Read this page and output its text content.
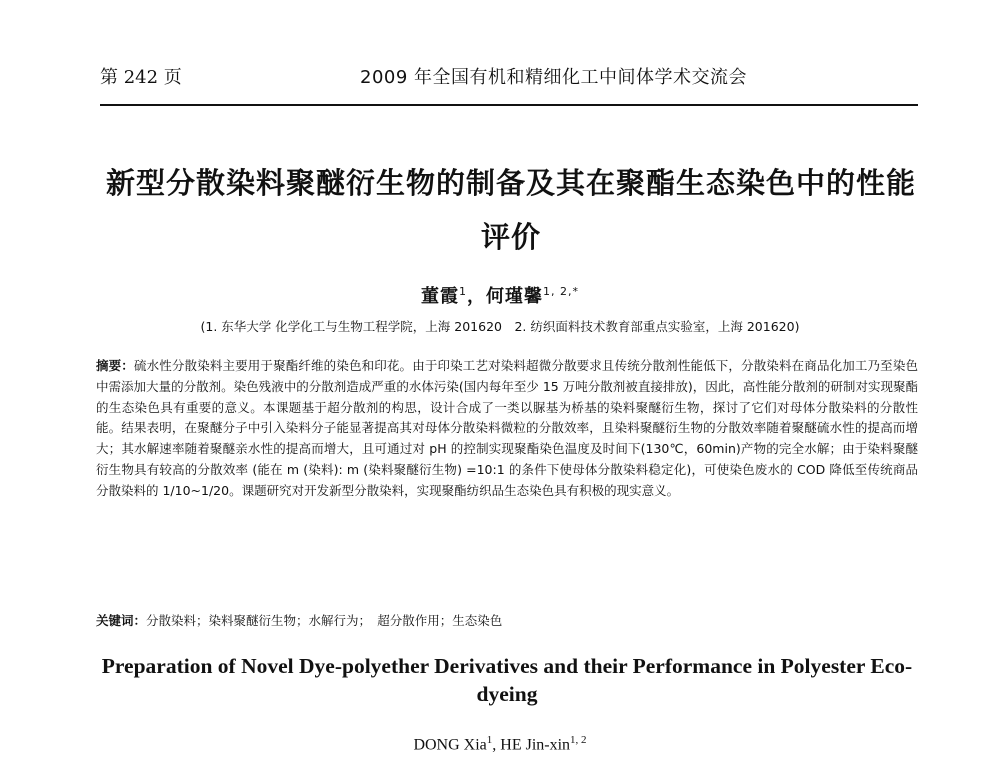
第 242 页	2009 年全国有机和精细化工中间体学术交流会
新型分散染料聚醚衍生物的制备及其在聚酯生态染色中的性能评价
董霞$^1$，何瑾馨$^{1, 2,*}$
(1. 东华大学 化学化工与生物工程学院，上海 201620　2. 纺织面料技术教育部重点实验室，上海 201620)
摘要：硫水性分散染料主要用于聚酯纤维的染色和印花。由于印染工艺对染料超微分散要求且传统分散剂性能低下，分散染料在商品化加工乃至染色中需添加大量的分散剂。染色残液中的分散剂造成严重的水体污染(国内每年至少 15 万吨分散剂被直接排放)，因此，高性能分散剂的研制对实现聚酯的生态染色具有重要的意义。本课题基于超分散剂的构思，设计合成了一类以脲基为桥基的染料聚醚衍生物，探讨了它们对母体分散染料的分散性能。结果表明，在聚醚分子中引入染料分子能显著提高其对母体分散染料微粒的分散效率，且染料聚醚衍生物的分散效率随着聚醚硫水性的提高而增大；其水解速率随着聚醚亲水性的提高而增大，且可通过对 pH 的控制实现聚酯染色温度及时间下(130℃，60min)产物的完全水解；由于染料聚醚衍生物具有较高的分散效率 (能在 m (染料): m (染料聚醚衍生物) =10:1 的条件下使母体分散染料稳定化)，可使染色废水的 COD 降低至传统商品分散染料的 1/10~1/20。课题研究对开发新型分散染料，实现聚酯纺织品生态染色具有积极的现实意义。
关键词：分散染料；染料聚醚衍生物；水解行为；　超分散作用；生态染色
Preparation of Novel Dye-polyether Derivatives and their Performance in Polyester Eco-dyeing
DONG Xia$^1$, HE Jin-xin$^{1, 2}$
